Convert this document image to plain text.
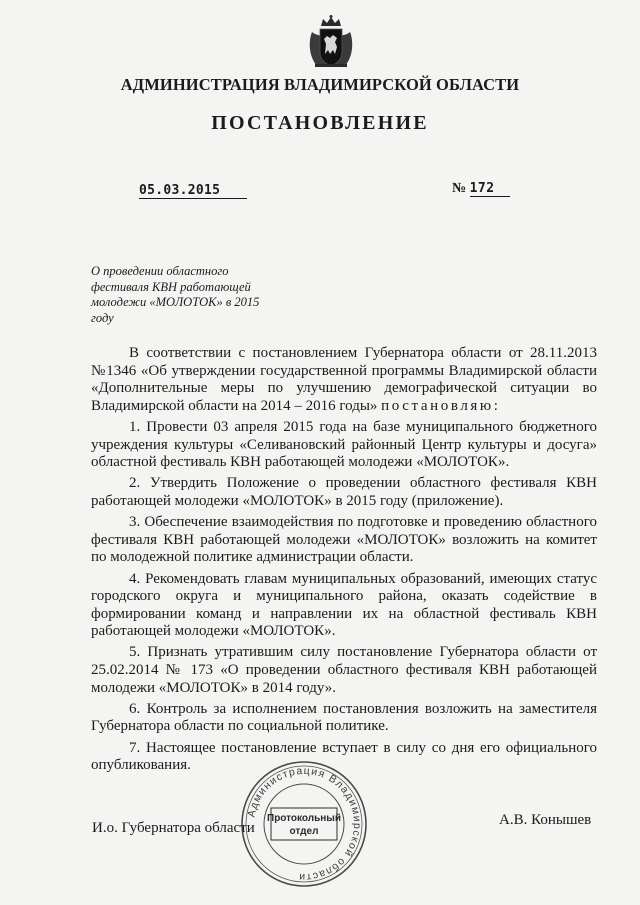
АДМИНИСТРАЦИЯ ВЛАДИМИРСКОЙ ОБЛАСТИ
ПОСТАНОВЛЕНИЕ
05.03.2015	№ 172
О проведении областного
фестиваля КВН работающей
молодежи «МОЛОТОК» в 2015
году

В соответствии с постановлением Губернатора области от 28.11.2013 №1346 «Об утверждении государственной программы Владимирской области «Дополнительные меры по улучшению демографической ситуации во Владимирской области на 2014 – 2016 годы» постановляю:

1. Провести 03 апреля 2015 года на базе муниципального бюджетного учреждения культуры «Селивановский районный Центр культуры и досуга» областной фестиваль КВН работающей молодежи «МОЛОТОК».

2. Утвердить Положение о проведении областного фестиваля КВН работающей молодежи «МОЛОТОК» в 2015 году (приложение).

3. Обеспечение взаимодействия по подготовке и проведению областного фестиваля КВН работающей молодежи «МОЛОТОК» возложить на комитет по молодежной политике администрации области.

4. Рекомендовать главам муниципальных образований, имеющих статус городского округа и муниципального района, оказать содействие в формировании команд и направлении их на областной фестиваль КВН работающей молодежи «МОЛОТОК».

5. Признать утратившим силу постановление Губернатора области от 25.02.2014 № 173 «О проведении областного фестиваля КВН работающей молодежи «МОЛОТОК» в 2014 году».

6. Контроль за исполнением постановления возложить на заместителя Губернатора области по социальной политике.

7. Настоящее постановление вступает в силу со дня его официального опубликования.

И.о. Губернатора области	А.В. Конышев
Администрация Владимирской области
Протокольный
отдел
